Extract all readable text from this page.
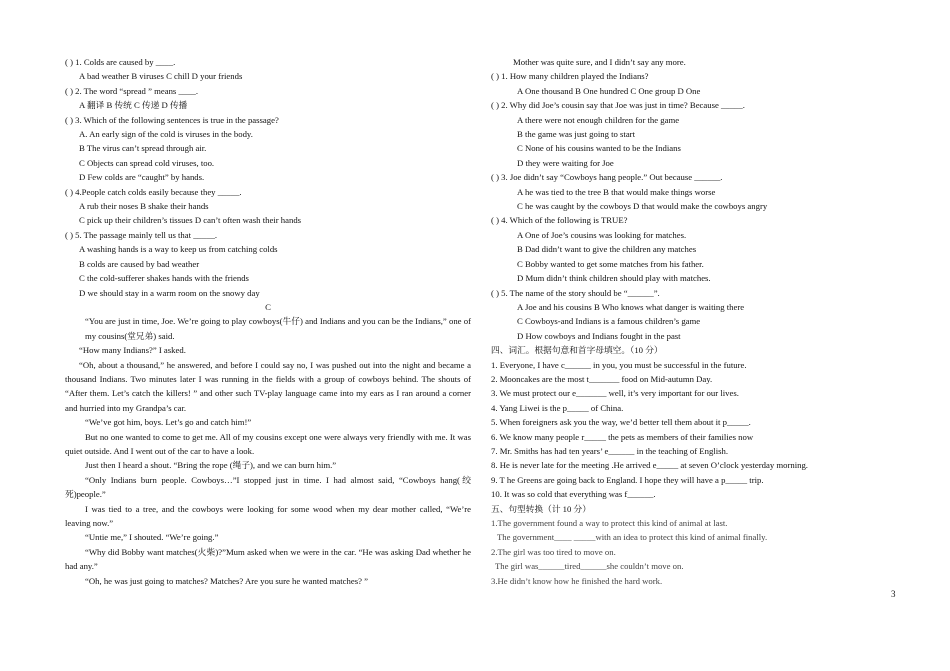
( ) 1. Colds are caused by ____.
A bad weather B viruses C chill D your friends
( ) 2. The word “spread ” means ____.
A 翻译 B 传统 C 传递 D 传播
( ) 3. Which of the following sentences is true in the passage?
A. An early sign of the cold is viruses in the body.
B The virus can’t spread through air.
C Objects can spread cold viruses, too.
D Few colds are “caught” by hands.
( ) 4.People catch colds easily because they _____.
A rub their noses B shake their hands
C pick up their children’s tissues D can’t often wash their hands
( ) 5. The passage mainly tell us that _____.
A washing hands is a way to keep us from catching colds
B colds are caused by bad weather
C the cold-sufferer shakes hands with the friends
D we should stay in a warm room on the snowy day
C
“You are just in time, Joe. We’re going to play cowboys(牛仔) and Indians and you can be the Indians,” one of my cousins(堂兄弟) said.
“How many Indians?” I asked.
“Oh, about a thousand,” he answered, and before I could say no, I was pushed out into the night and became a thousand Indians. Two minutes later I was running in the fields with a group of cowboys behind. The shouts of “After them. Let’s catch the killers! ” and other such TV-play language came into my ears as I ran around a corner and hurried into my Grandpa’s car.
“We’ve got him, boys. Let’s go and catch him!”
But no one wanted to come to get me. All of my cousins except one were always very friendly with me. It was quiet outside. And I went out of the car to have a look.
Just then I heard a shout. “Bring the rope (绳子), and we can burn him.”
“Only Indians burn people. Cowboys…”I stopped just in time. I had almost said, “Cowboys hang(绞死)people.”
I was tied to a tree, and the cowboys were looking for some wood when my dear mother called, “We’re leaving now.”
“Untie me,” I shouted. “We’re going.”
“Why did Bobby want matches(火柴)?”Mum asked when we were in the car. “He was asking Dad whether he had any.”
“Oh, he was just going to matches? Matches? Are you sure he wanted matches? ”
Mother was quite sure, and I didn’t say any more.
( ) 1. How many children played the Indians?
A One thousand B One hundred C One group D One
( ) 2. Why did Joe’s cousin say that Joe was just in time? Because _____.
A there were not enough children for the game
B the game was just going to start
C None of his cousins wanted to be the Indians
D they were waiting for Joe
( ) 3. Joe didn’t say “Cowboys hang people.” Out because ______.
A he was tied to the tree B that would make things worse
C he was caught by the cowboys D that would make the cowboys angry
( ) 4. Which of the following is TRUE?
A One of Joe’s cousins was looking for matches.
B Dad didn’t want to give the children any matches
C Bobby wanted to get some matches from his father.
D Mum didn’t think children should play with matches.
( ) 5. The name of the story should be “______”.
A Joe and his cousins B Who knows what danger is waiting there
C Cowboys-and Indians is a famous children’s game
D How cowboys and Indians fought in the past
四、词汇。根据句意和首字母填空。（10 分）
1. Everyone, I have c______ in you, you must be successful in the future.
2. Mooncakes are the most t_______ food on Mid-autumn Day.
3. We must protect our e_______ well, it’s very important for our lives.
4. Yang Liwei is the p_____ of China.
5. When foreigners ask you the way, we’d better tell them about it p_____.
6. We know many people r_____ the pets as members of their families now
7. Mr. Smiths has had ten years’ e______ in the teaching of English.
8. He is never late for the meeting .He arrived e_____ at seven O’clock yesterday morning.
9. T he Greens are going back to England. I hope they will have a p_____ trip.
10. It was so cold that everything was f______.
五、句型转换（计 10 分）
1.The government found a way to protect this kind of animal at last.
The government____ _____with an idea to protect this kind of animal finally.
2.The girl was too tired to move on.
The girl was______tired______she couldn’t move on.
3.He didn’t know how he finished the hard work.
3
